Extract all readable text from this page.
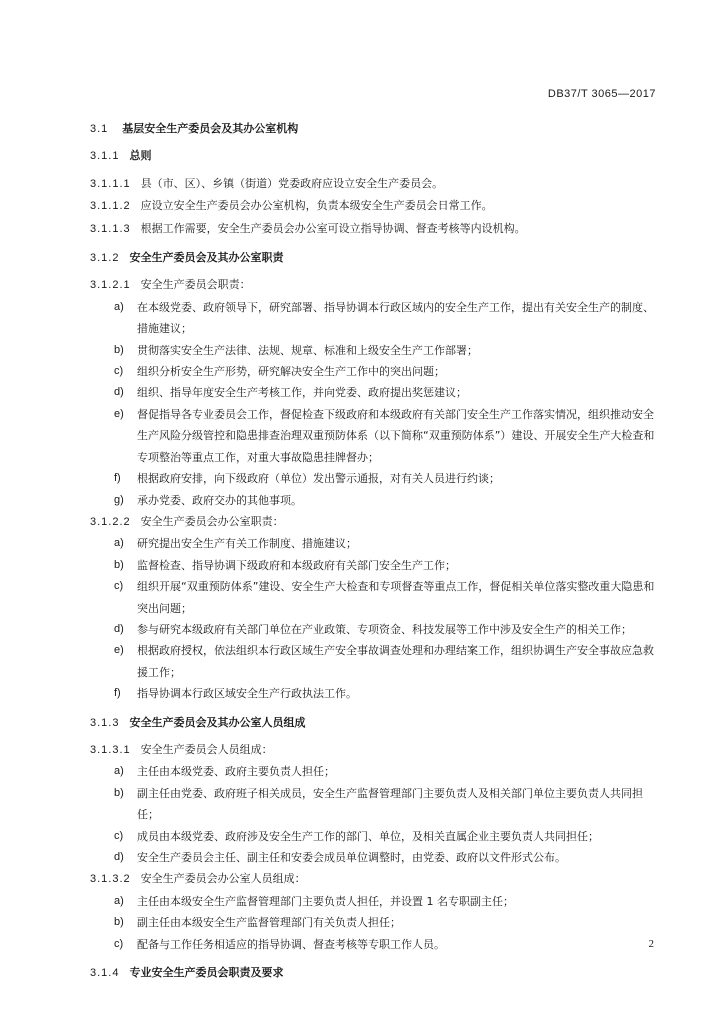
DB37/T 3065—2017
3.1 基层安全生产委员会及其办公室机构
3.1.1 总则
3.1.1.1 县（市、区）、乡镇（街道）党委政府应设立安全生产委员会。
3.1.1.2 应设立安全生产委员会办公室机构，负责本级安全生产委员会日常工作。
3.1.1.3 根据工作需要，安全生产委员会办公室可设立指导协调、督查考核等内设机构。
3.1.2 安全生产委员会及其办公室职责
3.1.2.1 安全生产委员会职责：
a) 在本级党委、政府领导下，研究部署、指导协调本行政区域内的安全生产工作，提出有关安全生产的制度、措施建议；
b) 贯彻落实安全生产法律、法规、规章、标准和上级安全生产工作部署；
c) 组织分析安全生产形势，研究解决安全生产工作中的突出问题；
d) 组织、指导年度安全生产考核工作，并向党委、政府提出奖惩建议；
e) 督促指导各专业委员会工作，督促检查下级政府和本级政府有关部门安全生产工作落实情况，组织推动安全生产风险分级管控和隐患排查治理双重预防体系（以下简称“双重预防体系”）建设、开展安全生产大检查和专项整治等重点工作，对重大事故隐患挂牌督办；
f) 根据政府安排，向下级政府（单位）发出警示通报，对有关人员进行约谈；
g) 承办党委、政府交办的其他事项。
3.1.2.2 安全生产委员会办公室职责：
a) 研究提出安全生产有关工作制度、措施建议；
b) 监督检查、指导协调下级政府和本级政府有关部门安全生产工作；
c) 组织开展“双重预防体系”建设、安全生产大检查和专项督查等重点工作，督促相关单位落实整改重大隐患和突出问题；
d) 参与研究本级政府有关部门单位在产业政策、专项资金、科技发展等工作中涉及安全生产的相关工作；
e) 根据政府授权，依法组织本行政区域生产安全事故调查处理和办理结案工作，组织协调生产安全事故应急救援工作；
f) 指导协调本行政区域安全生产行政执法工作。
3.1.3 安全生产委员会及其办公室人员组成
3.1.3.1 安全生产委员会人员组成：
a) 主任由本级党委、政府主要负责人担任；
b) 副主任由党委、政府班子相关成员，安全生产监督管理部门主要负责人及相关部门单位主要负责人共同担任；
c) 成员由本级党委、政府涉及安全生产工作的部门、单位，及相关直属企业主要负责人共同担任；
d) 安全生产委员会主任、副主任和安委会成员单位调整时，由党委、政府以文件形式公布。
3.1.3.2 安全生产委员会办公室人员组成：
a) 主任由本级安全生产监督管理部门主要负责人担任，并设置 1 名专职副主任；
b) 副主任由本级安全生产监督管理部门有关负责人担任；
c) 配备与工作任务相适应的指导协调、督查考核等专职工作人员。
3.1.4 专业安全生产委员会职责及要求
2
